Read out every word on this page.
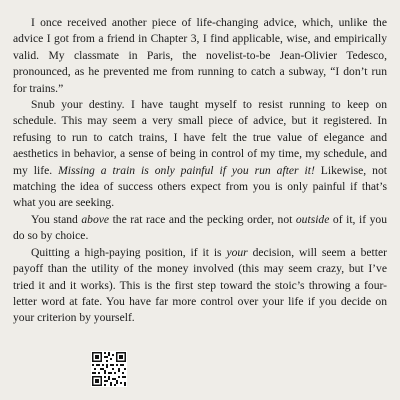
I once received another piece of life-changing advice, which, unlike the advice I got from a friend in Chapter 3, I find applicable, wise, and empirically valid. My classmate in Paris, the novelist-to-be Jean-Olivier Tedesco, pronounced, as he prevented me from running to catch a subway, “I don’t run for trains.”

Snub your destiny. I have taught myself to resist running to keep on schedule. This may seem a very small piece of advice, but it registered. In refusing to run to catch trains, I have felt the true value of elegance and aesthetics in behavior, a sense of being in control of my time, my schedule, and my life. Missing a train is only painful if you run after it! Likewise, not matching the idea of success others expect from you is only painful if that’s what you are seeking.

You stand above the rat race and the pecking order, not outside of it, if you do so by choice.

Quitting a high-paying position, if it is your decision, will seem a better payoff than the utility of the money involved (this may seem crazy, but I’ve tried it and it works). This is the first step toward the stoic’s throwing a four-letter word at fate. You have far more control over your life if you decide on your criterion by yourself.
